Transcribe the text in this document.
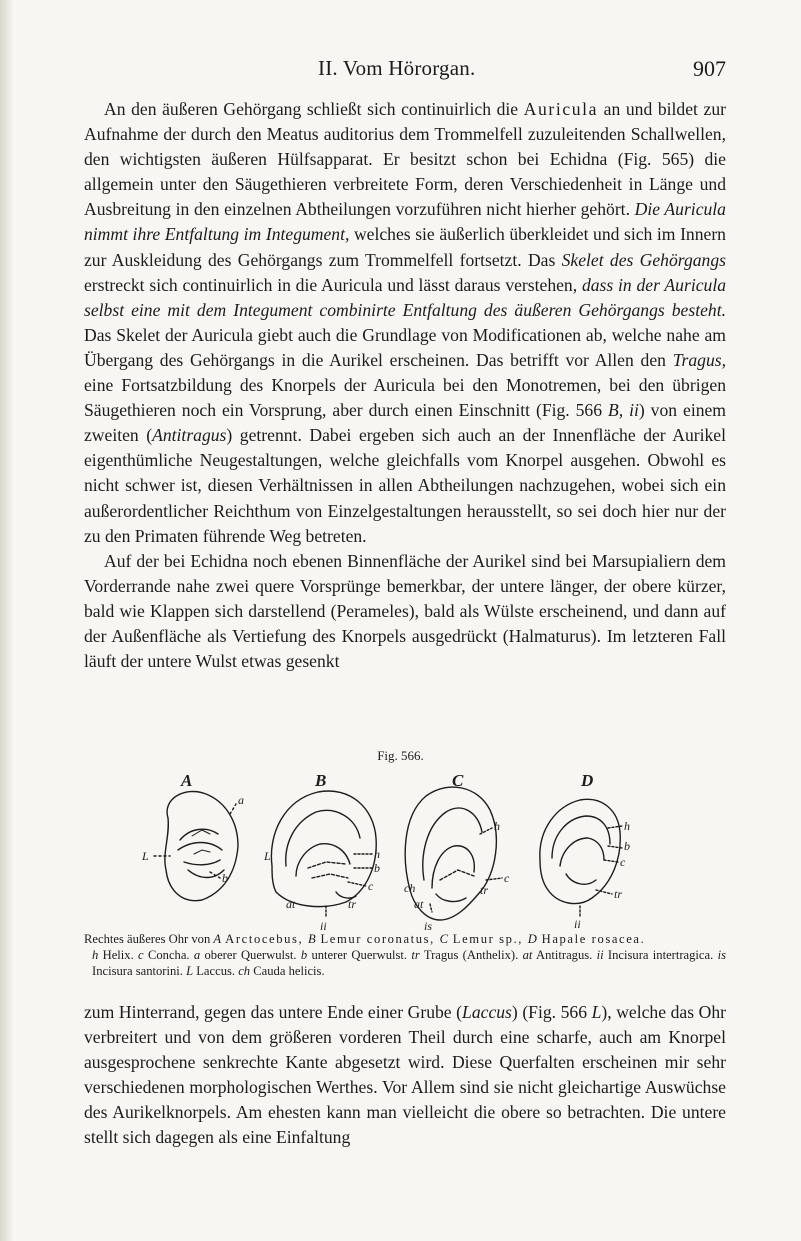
II. Vom Hörorgan.	907

An den äußeren Gehörgang schließt sich continuirlich die Auricula an und bildet zur Aufnahme der durch den Meatus auditorius dem Trommelfell zuzuleitenden Schallwellen, den wichtigsten äußeren Hülfsapparat. Er besitzt schon bei Echidna (Fig. 565) die allgemein unter den Säugethieren verbreitete Form, deren Verschiedenheit in Länge und Ausbreitung in den einzelnen Abtheilungen vorzuführen nicht hierher gehört. Die Auricula nimmt ihre Entfaltung im Integument, welches sie äußerlich überkleidet und sich im Innern zur Auskleidung des Gehörgangs zum Trommelfell fortsetzt. Das Skelet des Gehörgangs erstreckt sich continuirlich in die Auricula und lässt daraus verstehen, dass in der Auricula selbst eine mit dem Integument combinirte Entfaltung des äußeren Gehörgangs besteht. Das Skelet der Auricula giebt auch die Grundlage von Modificationen ab, welche nahe am Übergang des Gehörgangs in die Aurikel erscheinen. Das betrifft vor Allen den Tragus, eine Fortsatzbildung des Knorpels der Auricula bei den Monotremen, bei den übrigen Säugethieren noch ein Vorsprung, aber durch einen Einschnitt (Fig. 566 B, ii) von einem zweiten (Antitragus) getrennt. Dabei ergeben sich auch an der Innenfläche der Aurikel eigenthümliche Neugestaltungen, welche gleichfalls vom Knorpel ausgehen. Obwohl es nicht schwer ist, diesen Verhältnissen in allen Abtheilungen nachzugehen, wobei sich ein außerordentlicher Reichthum von Einzelgestaltungen herausstellt, so sei doch hier nur der zu den Primaten führende Weg betreten.

Auf der bei Echidna noch ebenen Binnenfläche der Aurikel sind bei Marsupialiern dem Vorderrande nahe zwei quere Vorsprünge bemerkbar, der untere länger, der obere kürzer, bald wie Klappen sich darstellend (Perameles), bald als Wülste erscheinend, und dann auf der Außenfläche als Vertiefung des Knorpels ausgedrückt (Halmaturus). Im letzteren Fall läuft der untere Wulst etwas gesenkt

Fig. 566.
A	B	C	D
a
L
b
h
b
c
L
at	tr
ii
h
c
ch
at
tr
is
h
b
c
tr
ii

Rechtes äußeres Ohr von A Arctocebus, B Lemur coronatus, C Lemur sp., D Hapale rosacea.

h Helix. c Concha. a oberer Querwulst. b unterer Querwulst. tr Tragus (Anthelix). at Antitragus. ii Incisura intertragica. is Incisura santorini. L Laccus. ch Cauda helicis.

zum Hinterrand, gegen das untere Ende einer Grube (Laccus) (Fig. 566 L), welche das Ohr verbreitert und von dem größeren vorderen Theil durch eine scharfe, auch am Knorpel ausgesprochene senkrechte Kante abgesetzt wird. Diese Querfalten erscheinen mir sehr verschiedenen morphologischen Werthes. Vor Allem sind sie nicht gleichartige Auswüchse des Aurikelknorpels. Am ehesten kann man vielleicht die obere so betrachten. Die untere stellt sich dagegen als eine Einfaltung
